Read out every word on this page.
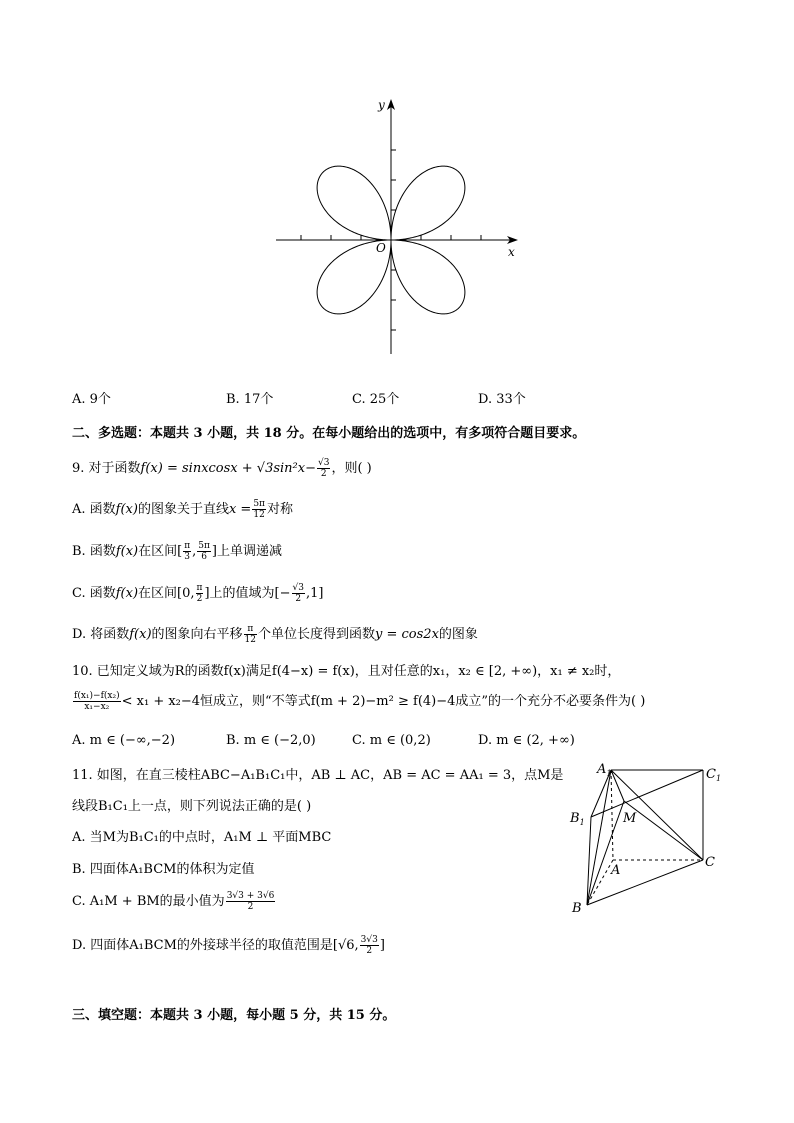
y
x
O
A. 9个	B. 17个	C. 25个	D. 33个
二、多选题：本题共 3 小题，共 18 分。在每小题给出的选项中，有多项符合题目要求。
9. 对于函数f(x) = sinxcosx + $√3\sin^2x- \frac{√3}{2}$ ，则( )
A. 函数f(x)的图象关于直线$x = \frac{5\pi}{12}$ 对称
B. 函数f(x)在区间[ $\frac{\pi}{3}$ , $\frac{5\pi}{6}$ ]上单调递减
C. 函数f(x)在区间[0, $\frac{\pi}{2}$ ]上的值域为[− $\frac{√3}{2} ,1$]
D. 将函数f(x)的图象向右平移 $\frac{\pi}{12}$ 个单位长度得到函数y = cos2x的图象
10. 已知定义域为R的函数f(x)满足f(4−x) = f(x)，且对任意的x₁，x₂ ∈ [2, +∞)，x₁ ≠ x₂时，
$\frac{\text{f(x₁)−f(x₂)}}{\text{x₁−x₂}} < x_1 + x_2-4$恒成立，则“不等式f(m + 2)−m² ≥ f(4)−4成立”的一个充分不必要条件为( )
A. m ∈ (−∞,−2)	B. m ∈ (−2,0)	C. m ∈ (0,2)	D. m ∈ (2, +∞)
11. 如图，在直三棱柱ABC−A₁B₁C₁中，AB ⊥ AC，AB = AC = AA₁ = 3，点M是
线段B₁C₁上一点，则下列说法正确的是( )
A. 当M为B₁C₁的中点时，A₁M ⊥ 平面MBC
B. 四面体A₁BCM的体积为定值
C. A₁M + BM的最小值为 $\frac{3√3 + 3√6}{2}$
D. 四面体A₁BCM的外接球半径的取值范围是[√6, $\frac{3√3}{2}$ ]
$A_1$	$C_1$
$B_1$	M
A
C
B
三、填空题：本题共 3 小题，每小题 5 分，共 15 分。
